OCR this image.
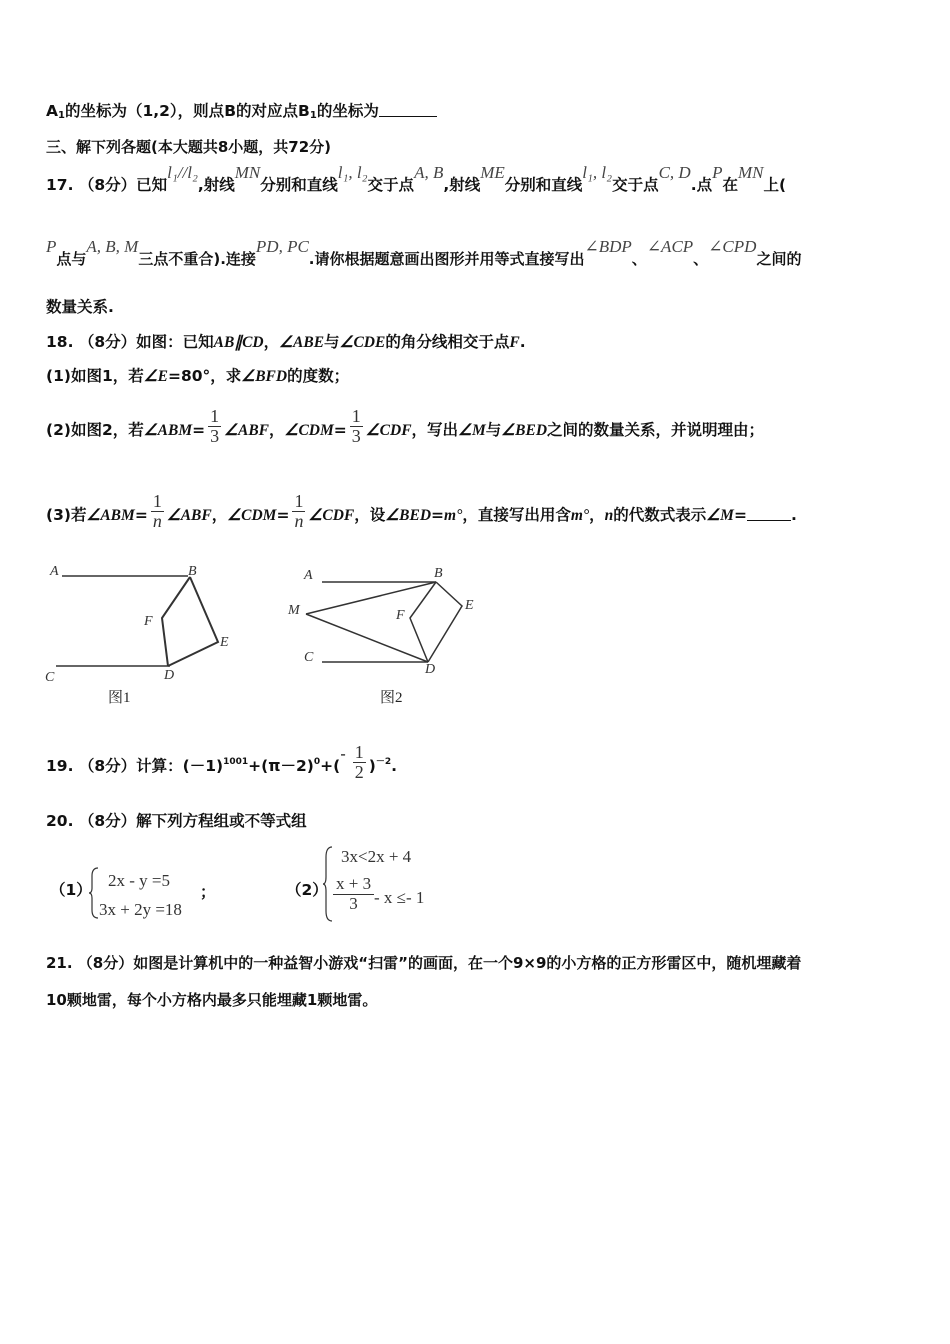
$A_1$的坐标为（1,2），则点B的对应点$B_1$的坐标为
三、解下列各题(本大题共8小题，共72分)
17. （8分）已知l₁//l₂,射线MN分别和直线l₁, l₂交于点A, B,射线ME分别和直线l₁, l₂交于点C, D.点P在MN上(
P点与A, B, M三点不重合).连接PD, PC.请你根据题意画出图形并用等式直接写出∠BDP、∠ACP、∠CPD之间的
数量关系.
18. （8分）如图：已知AB∥CD，∠ABE与∠CDE的角分线相交于点F.
(1)如图1，若∠E=80°，求∠BFD的度数；
(2)如图2，若∠ABM= $\frac{1}{3}$ ∠ABF，∠CDM= $\frac{1}{3}$ ∠CDF，写出∠M与∠BED之间的数量关系，并说明理由；
(3)若∠ABM= $\frac{1}{n}$ ∠ABF，∠CDM= $\frac{1}{n}$ ∠CDF，设∠BED=m°，直接写出用含m°，n的代数式表示∠M=	.
A	B
F
E
C	D
图1
A	B
E
M	F
C
D
图2
19. （8分）计算：$(-1)^{1001}+(\pi-2)^0+(- \frac{1}{2} )^{-2}$.
20. （8分）解下列方程组或不等式组
（1） 2x - y =5
3x + 2y =18
；	（2）
3x<2x + 4
$\frac{x + 3}{3} - x \le- 1$
21. （8分）如图是计算机中的一种益智小游戏“扫雷”的画面，在一个9×9的小方格的正方形雷区中，随机埋藏着
10颗地雷，每个小方格内最多只能埋藏1颗地雷。
